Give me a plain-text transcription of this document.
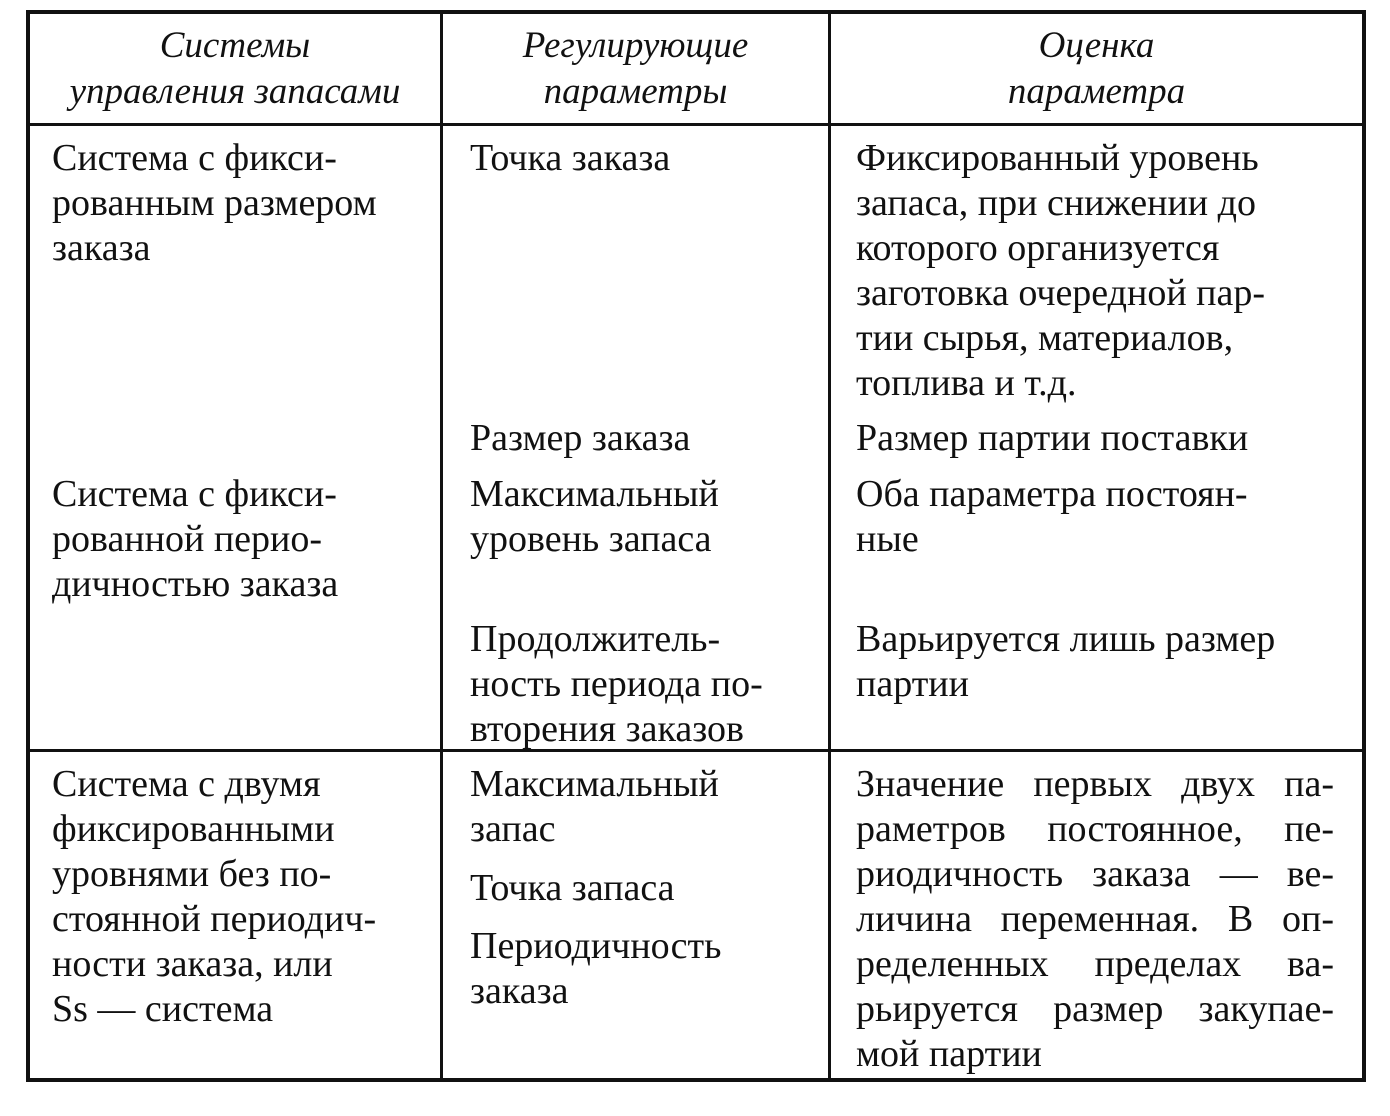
Системы
управления запасами
Регулирующие
параметры
Оценка
параметра
Система с фикси-
рованным размером
заказа
Точка заказа	Фиксированный уровень
запаса, при снижении до
которого организуется
заготовка очередной пар-
тии сырья, материалов,
топлива и т.д.
Размер заказа	Размер партии поставки
Система с фикси-
рованной перио-
дичностью заказа
Максимальный
уровень запаса
Оба параметра постоян-
ные
Продолжитель-
ность периода по-
вторения заказов
Варьируется лишь размер
партии
Система с двумя
фиксированными
уровнями без по-
стоянной периодич-
ности заказа, или
Ss — система
Максимальный
запас
Точка запаса
Периодичность
заказа
Значение первых двух па-
раметров постоянное, пе-
риодичность заказа — ве-
личина переменная. В оп-
ределенных пределах ва-
рьируется размер закупае-
мой партии
